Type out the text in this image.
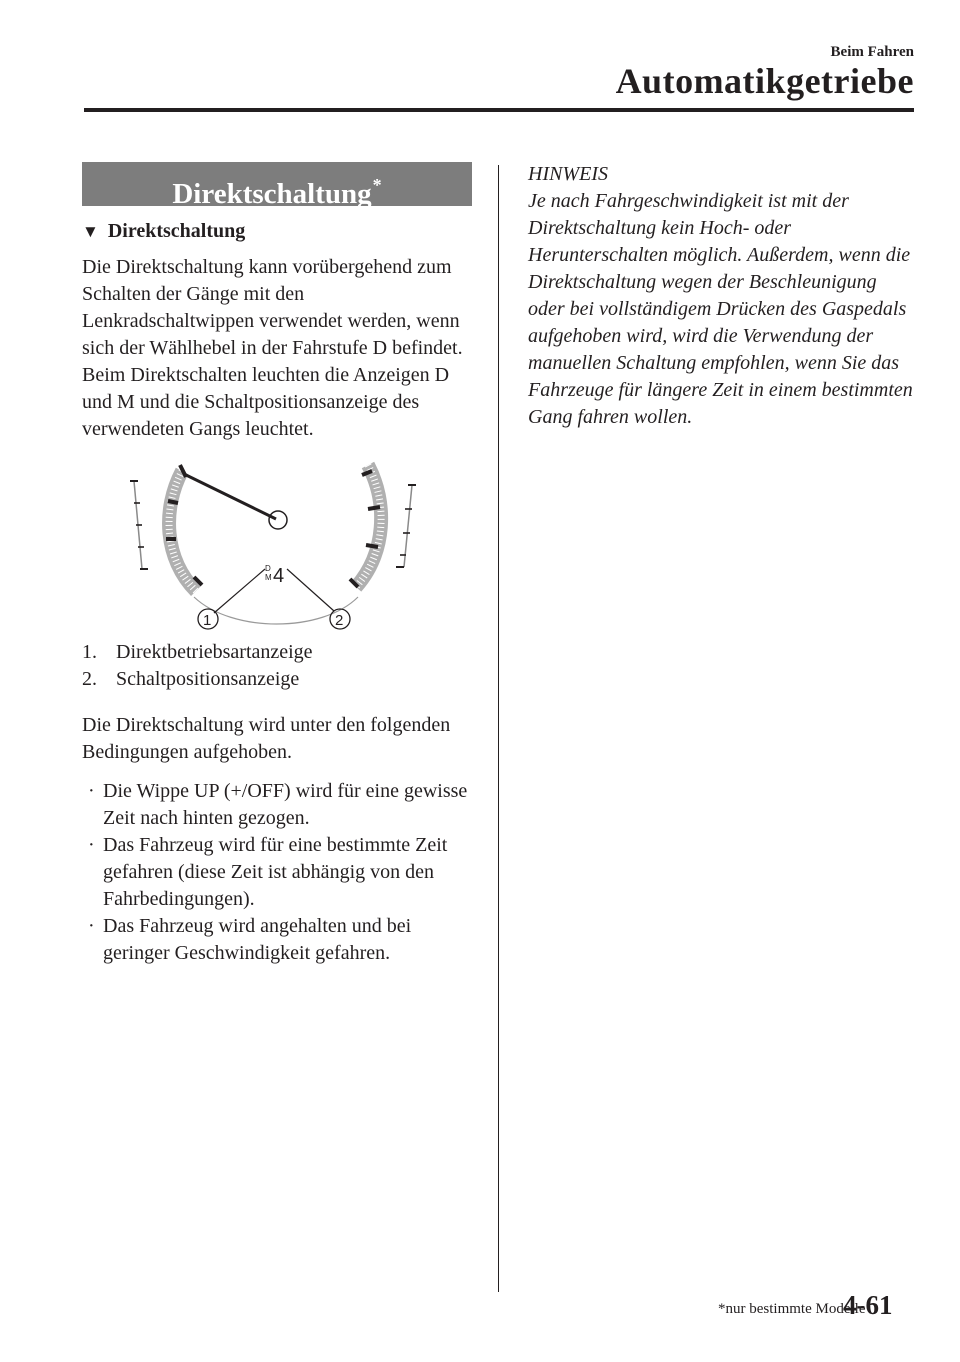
Beim Fahren
Automatikgetriebe
Direktschaltung*
▼ Direktschaltung

Die Direktschaltung kann vorübergehend zum Schalten der Gänge mit den Lenkradschaltwippen verwendet werden, wenn sich der Wählhebel in der Fahrstufe D befindet.
Beim Direktschalten leuchten die Anzeigen D und M und die Schaltpositionsanzeige des verwendeten Gangs leuchtet.

D
M 4
1	2
1. Direktbetriebsartanzeige
2. Schaltpositionsanzeige

Die Direktschaltung wird unter den folgenden Bedingungen aufgehoben.

· Die Wippe UP (+/OFF) wird für eine gewisse Zeit nach hinten gezogen.
· Das Fahrzeug wird für eine bestimmte Zeit gefahren (diese Zeit ist abhängig von den Fahrbedingungen).
· Das Fahrzeug wird angehalten und bei geringer Geschwindigkeit gefahren.
HINWEIS
Je nach Fahrgeschwindigkeit ist mit der Direktschaltung kein Hoch- oder Herunterschalten möglich. Außerdem, wenn die Direktschaltung wegen der Beschleunigung oder bei vollständigem Drücken des Gaspedals aufgehoben wird, wird die Verwendung der manuellen Schaltung empfohlen, wenn Sie das Fahrzeuge für längere Zeit in einem bestimmten Gang fahren wollen.
*nur bestimmte Modelle
4-61
